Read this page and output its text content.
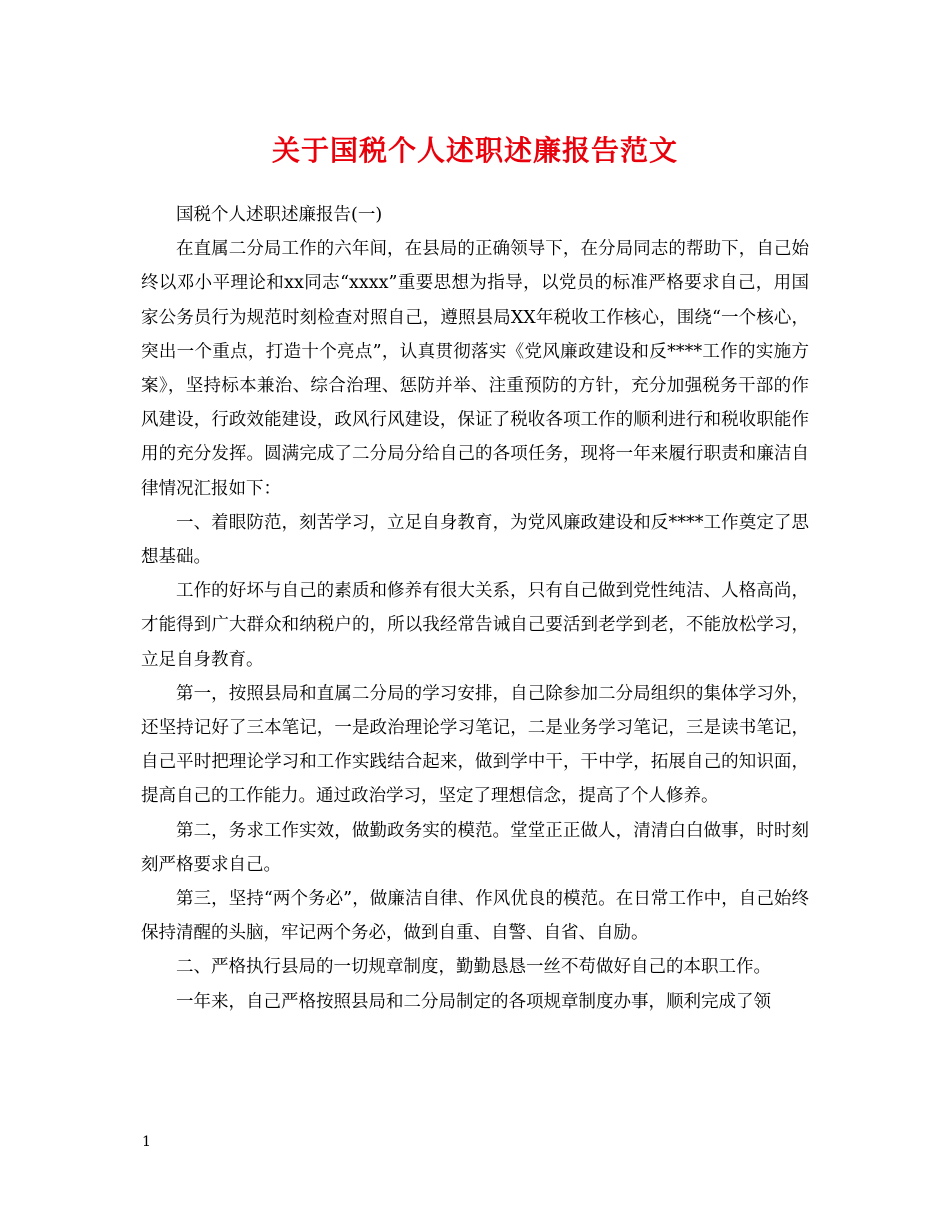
关于国税个人述职述廉报告范文

国税个人述职述廉报告(一)

在直属二分局工作的六年间，在县局的正确领导下，在分局同志的帮助下，自己始终以邓小平理论和xx同志“xxxx”重要思想为指导，以党员的标准严格要求自己，用国家公务员行为规范时刻检查对照自己，遵照县局XX年税收工作核心，围绕“一个核心，突出一个重点，打造十个亮点”，认真贯彻落实《党风廉政建设和反****工作的实施方案》，坚持标本兼治、综合治理、惩防并举、注重预防的方针，充分加强税务干部的作风建设，行政效能建设，政风行风建设，保证了税收各项工作的顺利进行和税收职能作用的充分发挥。圆满完成了二分局分给自己的各项任务，现将一年来履行职责和廉洁自律情况汇报如下：

一、着眼防范，刻苦学习，立足自身教育，为党风廉政建设和反****工作奠定了思想基础。

工作的好坏与自己的素质和修养有很大关系，只有自己做到党性纯洁、人格高尚，才能得到广大群众和纳税户的，所以我经常告诫自己要活到老学到老，不能放松学习，立足自身教育。

第一，按照县局和直属二分局的学习安排，自己除参加二分局组织的集体学习外，还坚持记好了三本笔记，一是政治理论学习笔记，二是业务学习笔记，三是读书笔记，自己平时把理论学习和工作实践结合起来，做到学中干，干中学，拓展自己的知识面，提高自己的工作能力。通过政治学习，坚定了理想信念，提高了个人修养。

第二，务求工作实效，做勤政务实的模范。堂堂正正做人，清清白白做事，时时刻刻严格要求自己。

第三，坚持“两个务必”，做廉洁自律、作风优良的模范。在日常工作中，自己始终保持清醒的头脑，牢记两个务必，做到自重、自警、自省、自励。

二、严格执行县局的一切规章制度，勤勤恳恳一丝不苟做好自己的本职工作。

一年来，自己严格按照县局和二分局制定的各项规章制度办事，顺利完成了领

1
